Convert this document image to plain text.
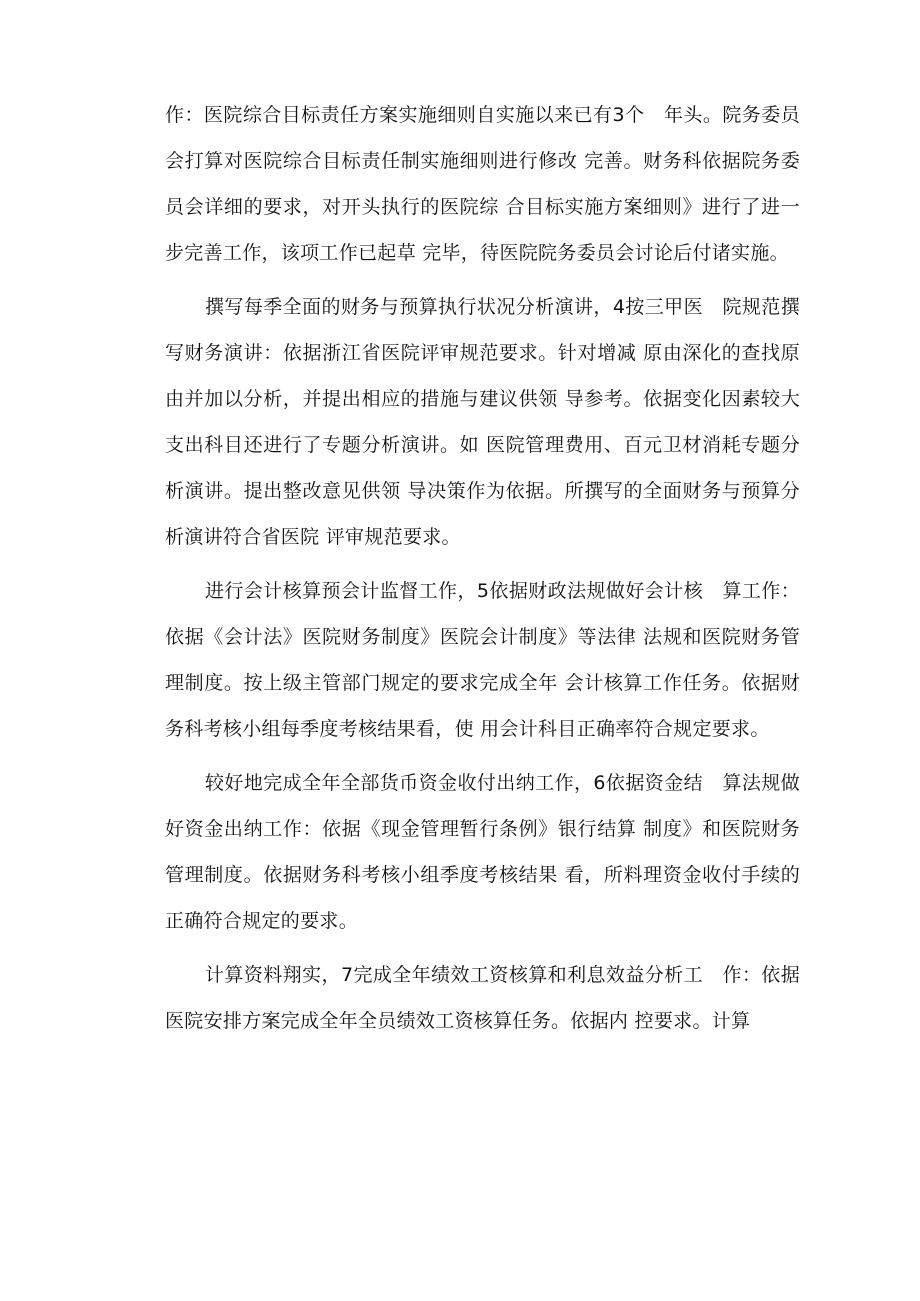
作：医院综合目标责任方案实施细则自实施以来已有3个　年头。院务委员会打算对医院综合目标责任制实施细则进行修改 完善。财务科依据院务委员会详细的要求，对开头执行的医院综 合目标实施方案细则》进行了进一步完善工作，该项工作已起草 完毕，待医院院务委员会讨论后付诸实施。

撰写每季全面的财务与预算执行状况分析演讲，4按三甲医　院规范撰写财务演讲：依据浙江省医院评审规范要求。针对增减 原由深化的查找原由并加以分析，并提出相应的措施与建议供领 导参考。依据变化因素较大支出科目还进行了专题分析演讲。如 医院管理费用、百元卫材消耗专题分析演讲。提出整改意见供领 导决策作为依据。所撰写的全面财务与预算分析演讲符合省医院 评审规范要求。

进行会计核算预会计监督工作，5依据财政法规做好会计核　算工作：依据《会计法》医院财务制度》医院会计制度》等法律 法规和医院财务管理制度。按上级主管部门规定的要求完成全年 会计核算工作任务。依据财务科考核小组每季度考核结果看，使 用会计科目正确率符合规定要求。

较好地完成全年全部货币资金收付出纳工作，6依据资金结　算法规做好资金出纳工作：依据《现金管理暂行条例》银行结算 制度》和医院财务管理制度。依据财务科考核小组季度考核结果 看，所料理资金收付手续的正确符合规定的要求。

计算资料翔实，7完成全年绩效工资核算和利息效益分析工　作：依据医院安排方案完成全年全员绩效工资核算任务。依据内 控要求。计算
